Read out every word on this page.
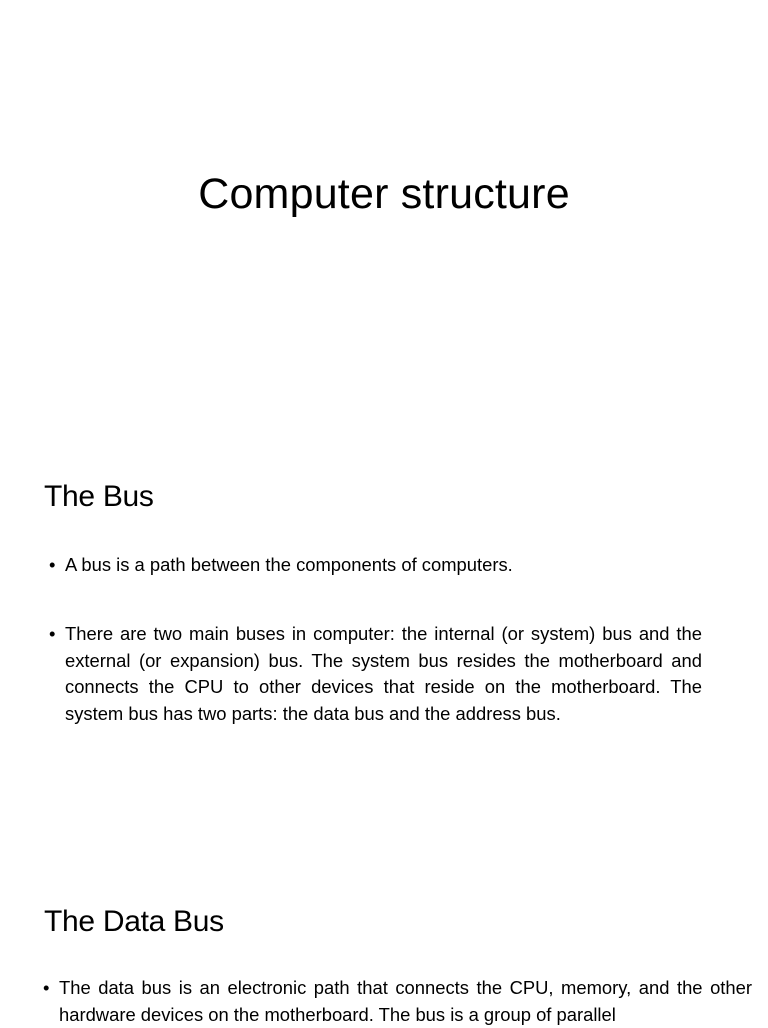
Computer structure
The Bus
• A bus is a path between the components of computers.
• There are two main buses in computer: the internal (or system) bus and the external (or expansion) bus. The system bus resides the motherboard and connects the CPU to other devices that reside on the motherboard. The system bus has two parts: the data bus and the address bus.
The Data Bus
• The data bus is an electronic path that connects the CPU, memory, and the other hardware devices on the motherboard. The bus is a group of parallel
